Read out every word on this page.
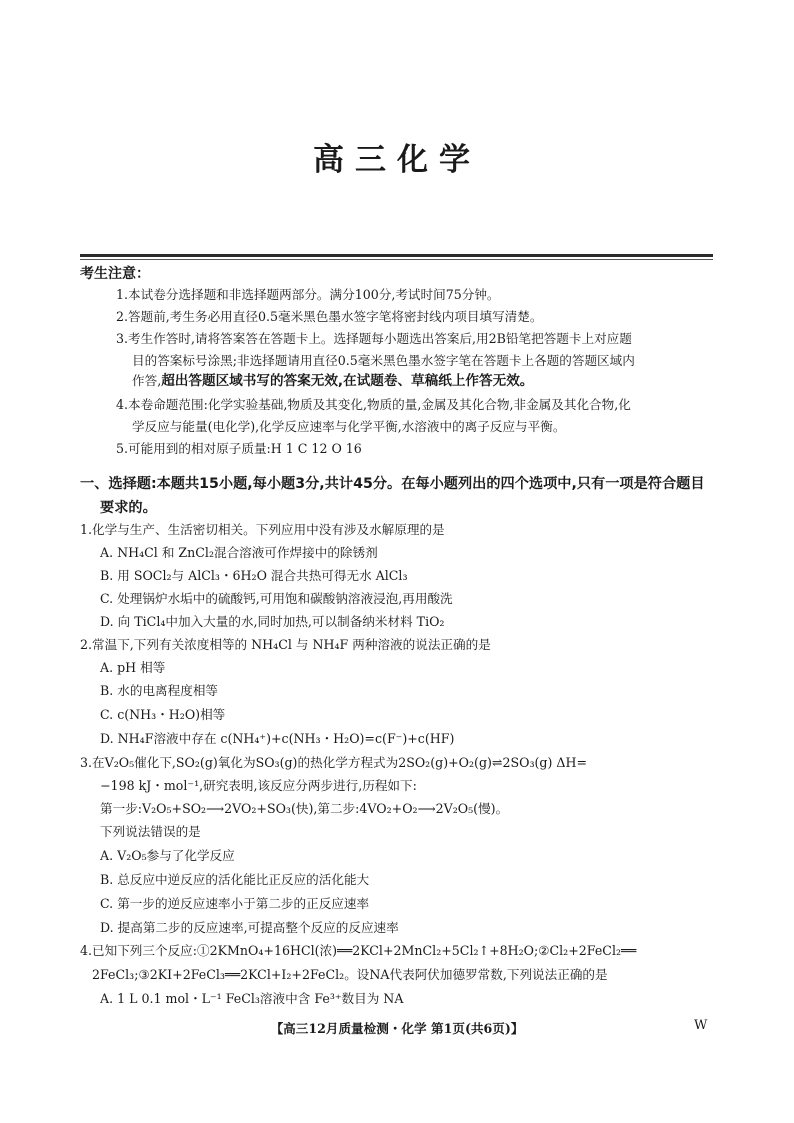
高三化学
考生注意：
1.本试卷分选择题和非选择题两部分。满分100分,考试时间75分钟。
2.答题前,考生务必用直径0.5毫米黑色墨水签字笔将密封线内项目填写清楚。
3.考生作答时,请将答案答在答题卡上。选择题每小题选出答案后,用2B铅笔把答题卡上对应题
目的答案标号涂黑;非选择题请用直径0.5毫米黑色墨水签字笔在答题卡上各题的答题区域内
作答,超出答题区域书写的答案无效,在试题卷、草稿纸上作答无效。
4.本卷命题范围:化学实验基础,物质及其变化,物质的量,金属及其化合物,非金属及其化合物,化
学反应与能量(电化学),化学反应速率与化学平衡,水溶液中的离子反应与平衡。
5.可能用到的相对原子质量:H 1 C 12 O 16
一、选择题:本题共15小题,每小题3分,共计45分。在每小题列出的四个选项中,只有一项是符合题目
要求的。
1.化学与生产、生活密切相关。下列应用中没有涉及水解原理的是
A. NH₄Cl 和 ZnCl₂混合溶液可作焊接中的除锈剂
B. 用 SOCl₂与 AlCl₃・6H₂O 混合共热可得无水 AlCl₃
C. 处理锅炉水垢中的硫酸钙,可用饱和碳酸钠溶液浸泡,再用酸洗
D. 向 TiCl₄中加入大量的水,同时加热,可以制备纳米材料 TiO₂
2.常温下,下列有关浓度相等的 NH₄Cl 与 NH₄F 两种溶液的说法正确的是
A. pH 相等
B. 水的电离程度相等
C. c(NH₃・H₂O)相等
D. NH₄F溶液中存在 c(NH₄⁺)+c(NH₃・H₂O)=c(F⁻)+c(HF)
3.在V₂O₅催化下,SO₂(g)氧化为SO₃(g)的热化学方程式为2SO₂(g)+O₂(g)⇌2SO₃(g) ΔH=
−198 kJ・mol⁻¹,研究表明,该反应分两步进行,历程如下:
第一步:V₂O₅+SO₂⟶2VO₂+SO₃(快),第二步:4VO₂+O₂⟶2V₂O₅(慢)。
下列说法错误的是
A. V₂O₅参与了化学反应
B. 总反应中逆反应的活化能比正反应的活化能大
C. 第一步的逆反应速率小于第二步的正反应速率
D. 提高第二步的反应速率,可提高整个反应的反应速率
4.已知下列三个反应:①2KMnO₄+16HCl(浓)══2KCl+2MnCl₂+5Cl₂↑+8H₂O;②Cl₂+2FeCl₂══
2FeCl₃;③2KI+2FeCl₃══2KCl+I₂+2FeCl₂。设NA代表阿伏加德罗常数,下列说法正确的是
A. 1 L 0.1 mol・L⁻¹ FeCl₃溶液中含 Fe³⁺数目为 NA
【高三12月质量检测・化学 第1页(共6页)】	W
